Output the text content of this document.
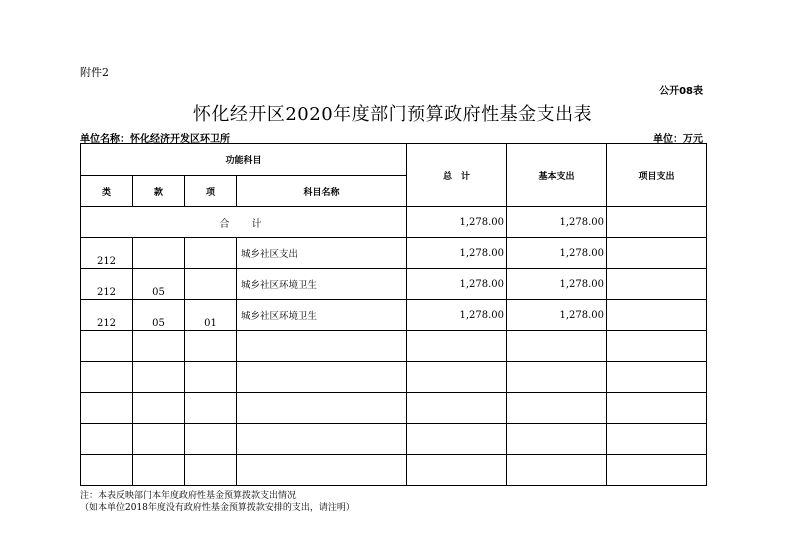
附件2
公开08表
怀化经开区2020年度部门预算政府性基金支出表
单位名称：怀化经济开发区环卫所	单位：万元
功能科目				总　计	基本支出	项目支出
类	款	项	科目名称			
合　计				1,278.00	1,278.00	
212			城乡社区支出	1,278.00	1,278.00	
212	05		城乡社区环境卫生	1,278.00	1,278.00	
212	05	01	城乡社区环境卫生	1,278.00	1,278.00	

注：本表反映部门本年度政府性基金预算拨款支出情况
（如本单位2018年度没有政府性基金预算拨款安排的支出，请注明）
